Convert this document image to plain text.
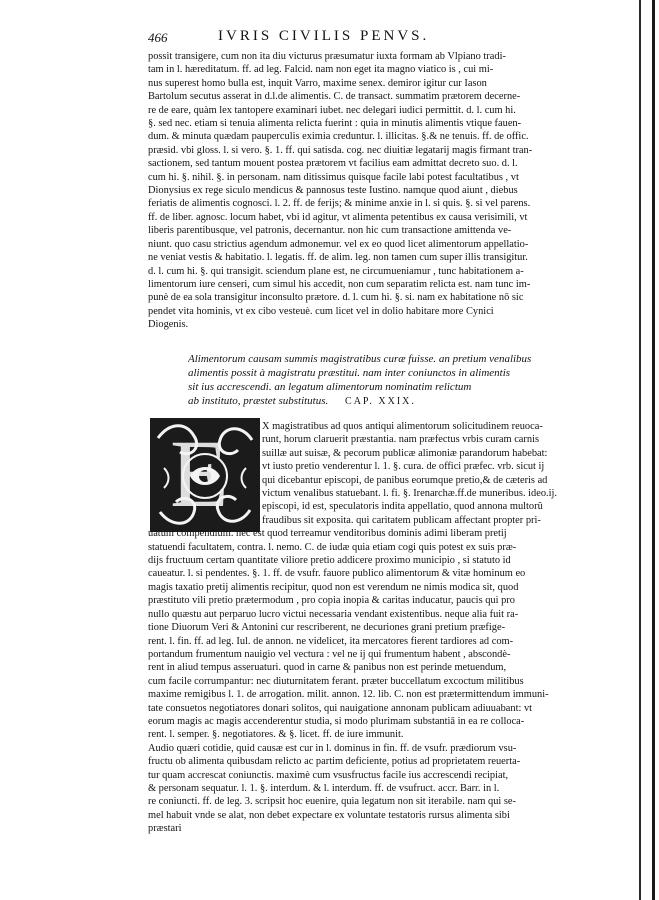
466	IVRIS CIVILIS PENVS.
possit transigere, cum non ita diu victurus præsumatur iuxta formam ab Vlpiano tradi-
tam in l. hæreditatum. ff. ad leg. Falcid. nam non eget ita magno viatico is , cui mi-
nus superest homo bulla est, inquit Varro, maxime senex. demiror igitur cur Iason
Bartolum secutus asserat in d.l.de alimentis. C. de transact. summatim prætorem decerne-
re de eare, quàm lex tantopere examinari iubet. nec delegari iudici permittit. d. l. cum hi.
§. sed nec. etiam si tenuia alimenta relicta fuerint : quia in minutis alimentis vtique fauen-
dum. & minuta quædam pauperculis eximia creduntur. l. illicitas. §.& ne tenuis. ff. de offic.
præsid. vbi gloss. l. si vero. §. 1. ff. qui satisda. cog. nec diuitiæ legatarij magis firmant tran-
sactionem, sed tantum mouent postea prætorem vt facilius eam admittat decreto suo. d. l.
cum hi. §. nihil. §. in personam. nam ditissimus quisque facile labi potest facultatibus , vt
Dionysius ex rege siculo mendicus & pannosus teste Iustino. namque quod aiunt , diebus
feriatis de alimentis cognosci. l. 2. ff. de ferijs; & minime anxie in l. si quis. §. si vel parens.
ff. de liber. agnosc. locum habet, vbi id agitur, vt alimenta petentibus ex causa verisimili, vt
liberis parentibusque, vel patronis, decernantur. non hic cum transactione amittenda ve-
niunt. quo casu strictius agendum admonemur. vel ex eo quod licet alimentorum appellatio-
ne veniat vestis & habitatio. l. legatis. ff. de alim. leg. non tamen cum super illis transigitur.
d. l. cum hi. §. qui transigit. sciendum plane est, ne circumueniamur , tunc habitationem a-
limentorum iure censeri, cum simul his accedit, non cum separatim relicta est. nam tunc im-
punè de ea sola transigitur inconsulto prætore. d. l. cum hi. §. si. nam ex habitatione nō sic
pendet vita hominis, vt ex cibo vesteuè. cum licet vel in dolio habitare more Cynici
Diogenis.
Alimentorum causam summis magistratibus curæ fuisse. an pretium venalibus
alimentis possit à magistratu præstitui. nam inter coniunctos in alimentis
sit ius accrescendi. an legatum alimentorum nominatim relictum
ab instituto, præstet substitutus. CAP. XXIX.
E	X magistratibus ad quos antiqui alimentorum solicitudinem reuoca-
runt, horum claruerit præstantia. nam præfectus vrbis curam carnis
suillæ aut suisæ, & pecorum publicæ alimoniæ parandorum habebat:
vt iusto pretio venderentur l. 1. §. cura. de offici præfec. vrb. sicut ij
qui dicebantur episcopi, de panibus eorumque pretio,& de cæteris ad
victum venalibus statuebant. l. fi. §. Irenarchæ.ff.de muneribus. ideo.ij.
episcopi, id est, speculatoris indita appellatio, quod annona multorû
fraudibus sit exposita. qui caritatem publicam affectant propter pri-
uatum compendium. nec est quod terreamur venditoribus dominis adimi liberam pretij
statuendi facultatem, contra. l. nemo. C. de iudæ quia etiam cogi quis potest ex suis præ-
dijs fructuum certam quantitate viliore pretio addicere proximo municipio , si statuto id
caueatur. l. si pendentes. §. 1. ff. de vsufr. fauore publico alimentorum & vitæ hominum eo
magis taxatio pretij alimentis recipitur, quod non est verendum ne nimis modica sit, quod
præstituto vili pretio prætermodum , pro copia inopia & caritas inducatur, paucis qui pro
nullo quæstu aut perparuo lucro victui necessaria vendant existentibus. neque alia fuit ra-
tione Diuorum Veri & Antonini cur rescriberent, ne decuriones grani pretium præfige-
rent. l. fin. ff. ad leg. Iul. de annon. ne videlicet, ita mercatores fierent tardiores ad com-
portandum frumentum nauigio vel vectura : vel ne ij qui frumentum habent , abscondè-
rent in aliud tempus asseruaturi. quod in carne & panibus non est perinde metuendum,
cum facile corrumpantur: nec diuturnitatem ferant. præter buccellatum excoctum militibus
maxime remigibus l. 1. de arrogation. milit. annon. 12. lib. C. non est prætermittendum immuni-
tate consuetos negotiatores donari solitos, qui nauigatione annonam publicam adiuuabant: vt
eorum magis ac magis accenderentur studia, si modo plurimam substantiā in ea re colloca-
rent. l. semper. §. negotiatores. & §. licet. ff. de iure immunit.
Audio quæri cotidie, quid causæ est cur in l. dominus in fin. ff. de vsufr. prædiorum vsu-
fructu ob alimenta quibusdam relicto ac partim deficiente, potius ad proprietatem reuerta-
tur quam accrescat coniunctis. maximè cum vsusfructus facile ius accrescendi recipiat,
& personam sequatur. l. 1. §. interdum. & l. interdum. ff. de vsufruct. accr. Barr. in l.
re coniuncti. ff. de leg. 3. scripsit hoc euenire, quia legatum non sit iterabile. nam qui se-
mel habuit vnde se alat, non debet expectare ex voluntate testatoris rursus alimenta sibi
præstari
